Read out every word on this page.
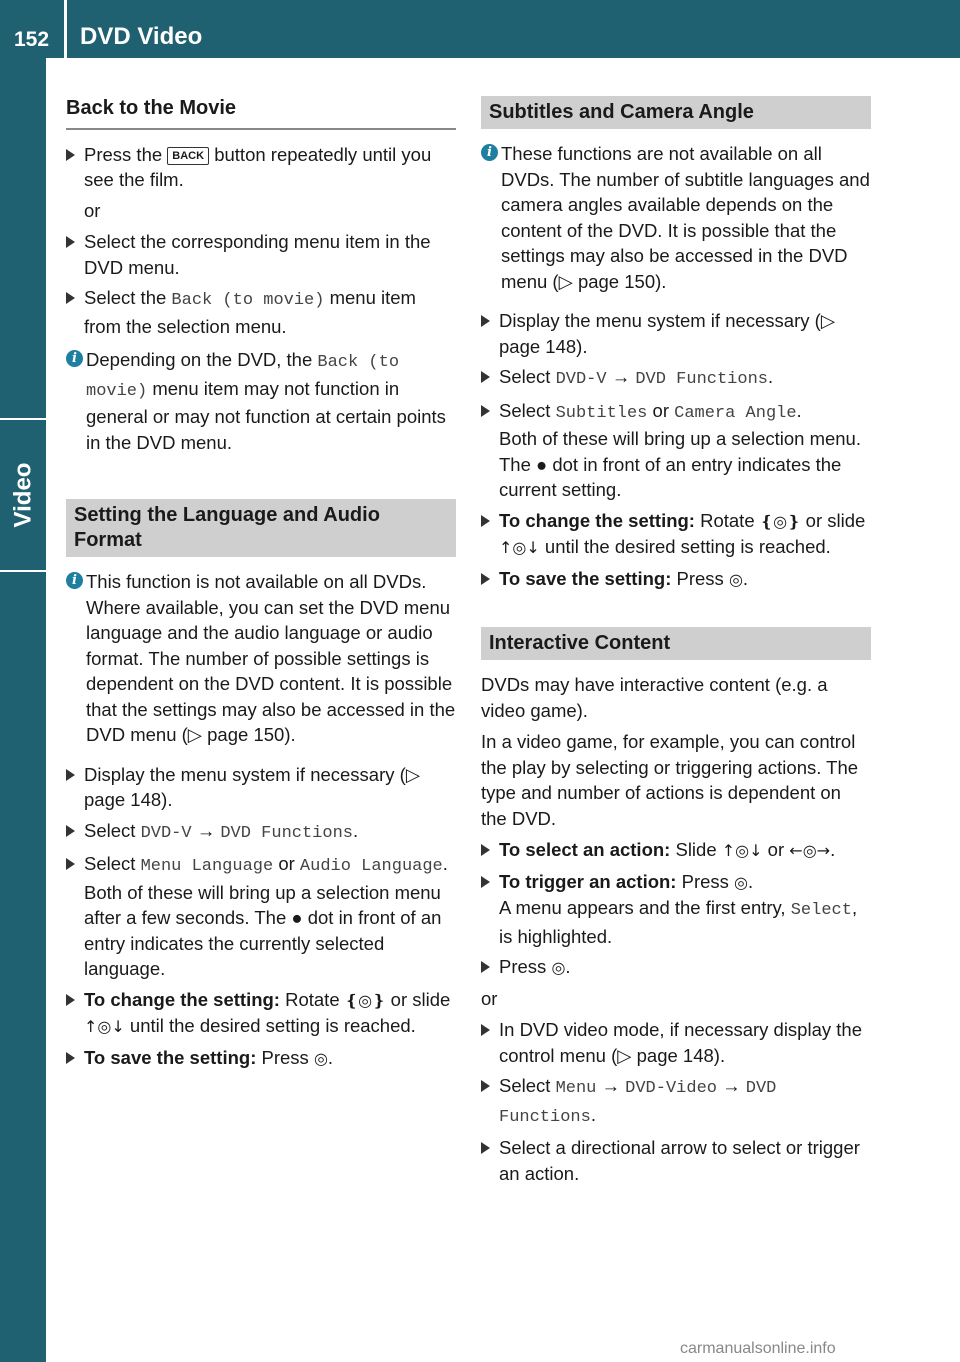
152 DVD Video
Video
Back to the Movie
Press the BACK button repeatedly until you see the film.
or
Select the corresponding menu item in the DVD menu.
Select the Back (to movie) menu item from the selection menu.
i Depending on the DVD, the Back (to movie) menu item may not function in general or may not function at certain points in the DVD menu.
Setting the Language and Audio Format
i This function is not available on all DVDs. Where available, you can set the DVD menu language and the audio language or audio format. The number of possible settings is dependent on the DVD content. It is possible that the settings may also be accessed in the DVD menu (▷ page 150).
Display the menu system if necessary (▷ page 148).
Select DVD-V → DVD Functions.
Select Menu Language or Audio Language.
Both of these will bring up a selection menu after a few seconds. The ● dot in front of an entry indicates the currently selected language.
To change the setting: Rotate ❴◎❵ or slide ↑◎↓ until the desired setting is reached.
To save the setting: Press ◎.
Subtitles and Camera Angle
i These functions are not available on all DVDs. The number of subtitle languages and camera angles available depends on the content of the DVD. It is possible that the settings may also be accessed in the DVD menu (▷ page 150).
Display the menu system if necessary (▷ page 148).
Select DVD-V → DVD Functions.
Select Subtitles or Camera Angle.
Both of these will bring up a selection menu. The ● dot in front of an entry indicates the current setting.
To change the setting: Rotate ❴◎❵ or slide ↑◎↓ until the desired setting is reached.
To save the setting: Press ◎.
Interactive Content
DVDs may have interactive content (e.g. a video game).
In a video game, for example, you can control the play by selecting or triggering actions. The type and number of actions is dependent on the DVD.
To select an action: Slide ↑◎↓ or ←◎→.
To trigger an action: Press ◎.
A menu appears and the first entry, Select, is highlighted.
Press ◎.
or
In DVD video mode, if necessary display the control menu (▷ page 148).
Select Menu → DVD-Video → DVD Functions.
Select a directional arrow to select or trigger an action.
carmanualsonline.info
